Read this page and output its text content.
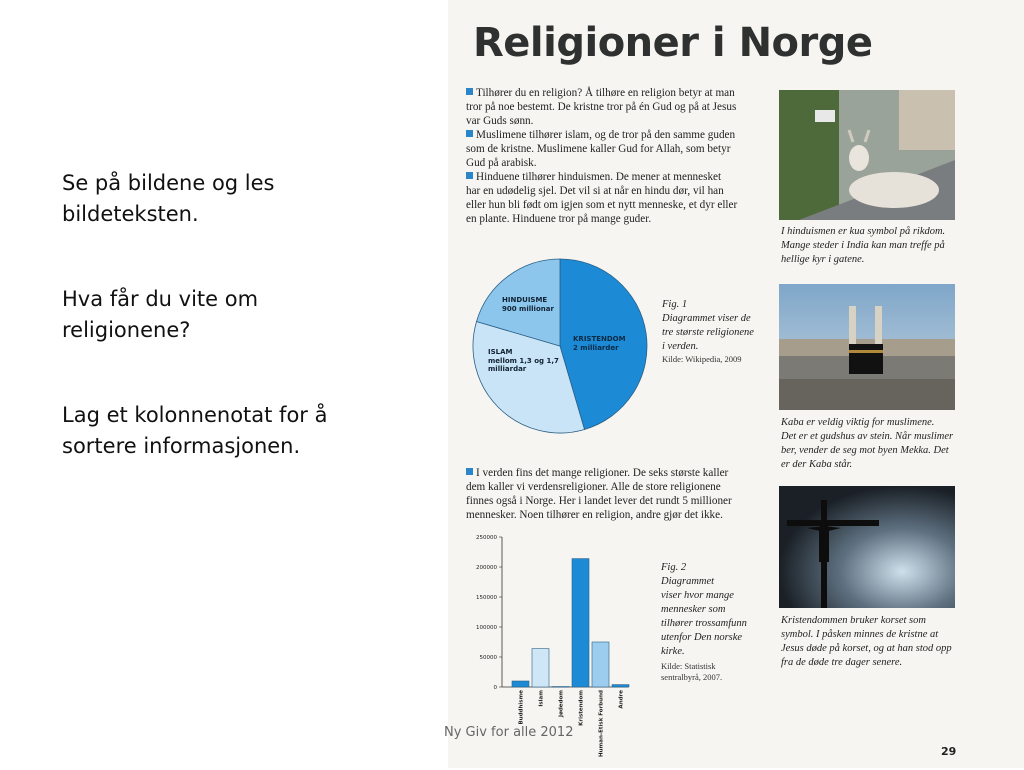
Se på bildene og les
bildeteksten.
Hva får du vite om
religionene?
Lag et kolonnenotat for å
sortere informasjonen.
Religioner i Norge
Tilhører du en religion? Å tilhøre en religion betyr at man
tror på noe bestemt. De kristne tror på én Gud og på at Jesus
var Guds sønn.
Muslimene tilhører islam, og de tror på den samme guden
som de kristne. Muslimene kaller Gud for Allah, som betyr
Gud på arabisk.
Hinduene tilhører hinduismen. De mener at mennesket
har en udødelig sjel. Det vil si at når en hindu dør, vil han
eller hun bli født om igjen som et nytt menneske, et dyr eller
en plante. Hinduene tror på mange guder.
HINDUISME
900 millionar
ISLAM
mellom 1,3 og 1,7 milliardar
KRISTENDOM
2 milliarder
Fig. 1
Diagrammet viser de
tre største religionene
i verden.
Kilde: Wikipedia, 2009
I verden fins det mange religioner. De seks største kaller
dem kaller vi verdensreligioner. Alle de store religionene
finnes også i Norge. Her i landet lever det rundt 5 millioner
mennesker. Noen tilhører en religion, andre gjør det ikke.
0
50000
100000
150000
200000
250000
Buddhisme	Islam	Jødedom	Kristendom	Human-Etisk Forbund	Andre
Fig. 2
Diagrammet
viser hvor mange
mennesker som
tilhører trossamfunn
utenfor Den norske
kirke.
Kilde: Statistisk
sentralbyrå, 2007.
I hinduismen er kua symbol på rikdom.
Mange steder i India kan man treffe på
hellige kyr i gatene.
Kaba er veldig viktig for muslimene.
Det er et gudshus av stein. Når muslimer
ber, vender de seg mot byen Mekka. Det
er der Kaba står.
Kristendommen bruker korset som
symbol. I påsken minnes de kristne at
Jesus døde på korset, og at han stod opp
fra de døde tre dager senere.
29
Ny Giv for alle 2012
